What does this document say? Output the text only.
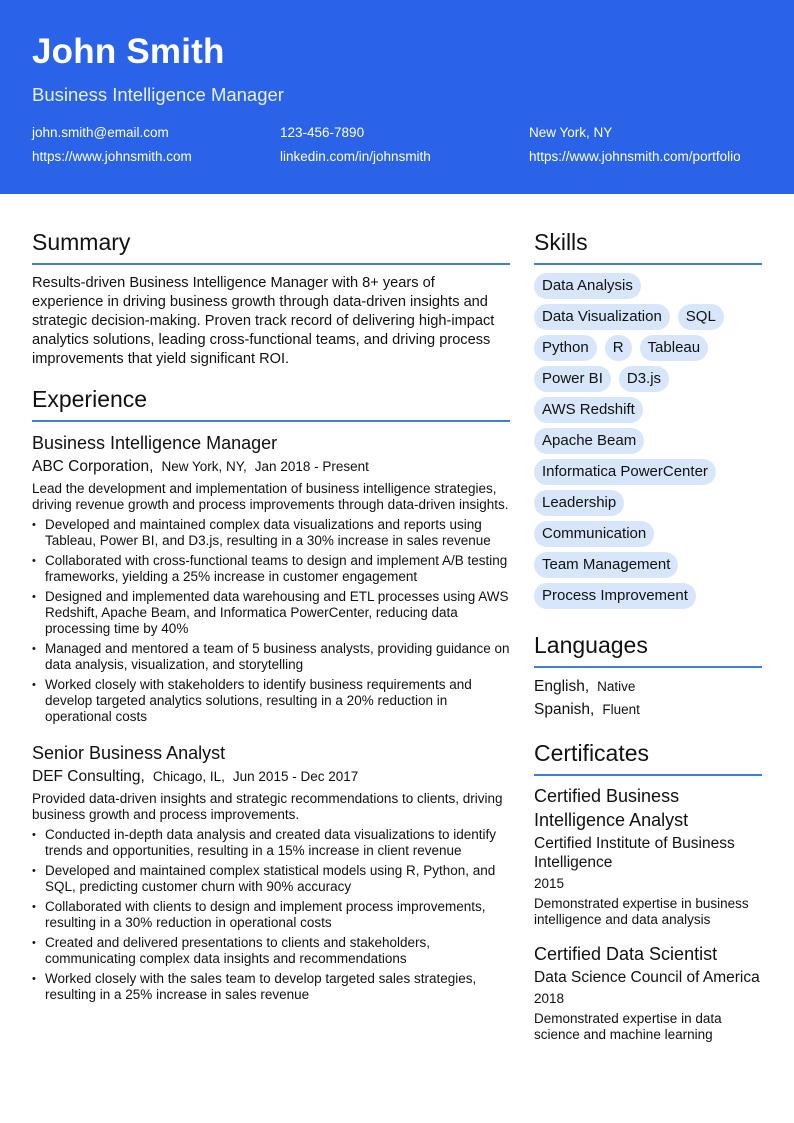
John Smith
Business Intelligence Manager
john.smith@email.com	123-456-7890	New York, NY
https://www.johnsmith.com	linkedin.com/in/johnsmith	https://www.johnsmith.com/portfolio
Summary
Results-driven Business Intelligence Manager with 8+ years of experience in driving business growth through data-driven insights and strategic decision-making. Proven track record of delivering high-impact analytics solutions, leading cross-functional teams, and driving process improvements that yield significant ROI.
Experience
Business Intelligence Manager
ABC Corporation, New York, NY, Jan 2018 - Present
Lead the development and implementation of business intelligence strategies, driving revenue growth and process improvements through data-driven insights.
• Developed and maintained complex data visualizations and reports using Tableau, Power BI, and D3.js, resulting in a 30% increase in sales revenue
• Collaborated with cross-functional teams to design and implement A/B testing frameworks, yielding a 25% increase in customer engagement
• Designed and implemented data warehousing and ETL processes using AWS Redshift, Apache Beam, and Informatica PowerCenter, reducing data processing time by 40%
• Managed and mentored a team of 5 business analysts, providing guidance on data analysis, visualization, and storytelling
• Worked closely with stakeholders to identify business requirements and develop targeted analytics solutions, resulting in a 20% reduction in operational costs
Senior Business Analyst
DEF Consulting, Chicago, IL, Jun 2015 - Dec 2017
Provided data-driven insights and strategic recommendations to clients, driving business growth and process improvements.
• Conducted in-depth data analysis and created data visualizations to identify trends and opportunities, resulting in a 15% increase in client revenue
• Developed and maintained complex statistical models using R, Python, and SQL, predicting customer churn with 90% accuracy
• Collaborated with clients to design and implement process improvements, resulting in a 30% reduction in operational costs
• Created and delivered presentations to clients and stakeholders, communicating complex data insights and recommendations
• Worked closely with the sales team to develop targeted sales strategies, resulting in a 25% increase in sales revenue
Skills
Data Analysis
Data Visualization	SQL
Python	R	Tableau
Power BI	D3.js
AWS Redshift
Apache Beam
Informatica PowerCenter
Leadership
Communication
Team Management
Process Improvement
Languages
English, Native
Spanish, Fluent
Certificates
Certified Business Intelligence Analyst
Certified Institute of Business Intelligence
2015
Demonstrated expertise in business intelligence and data analysis
Certified Data Scientist
Data Science Council of America
2018
Demonstrated expertise in data science and machine learning
